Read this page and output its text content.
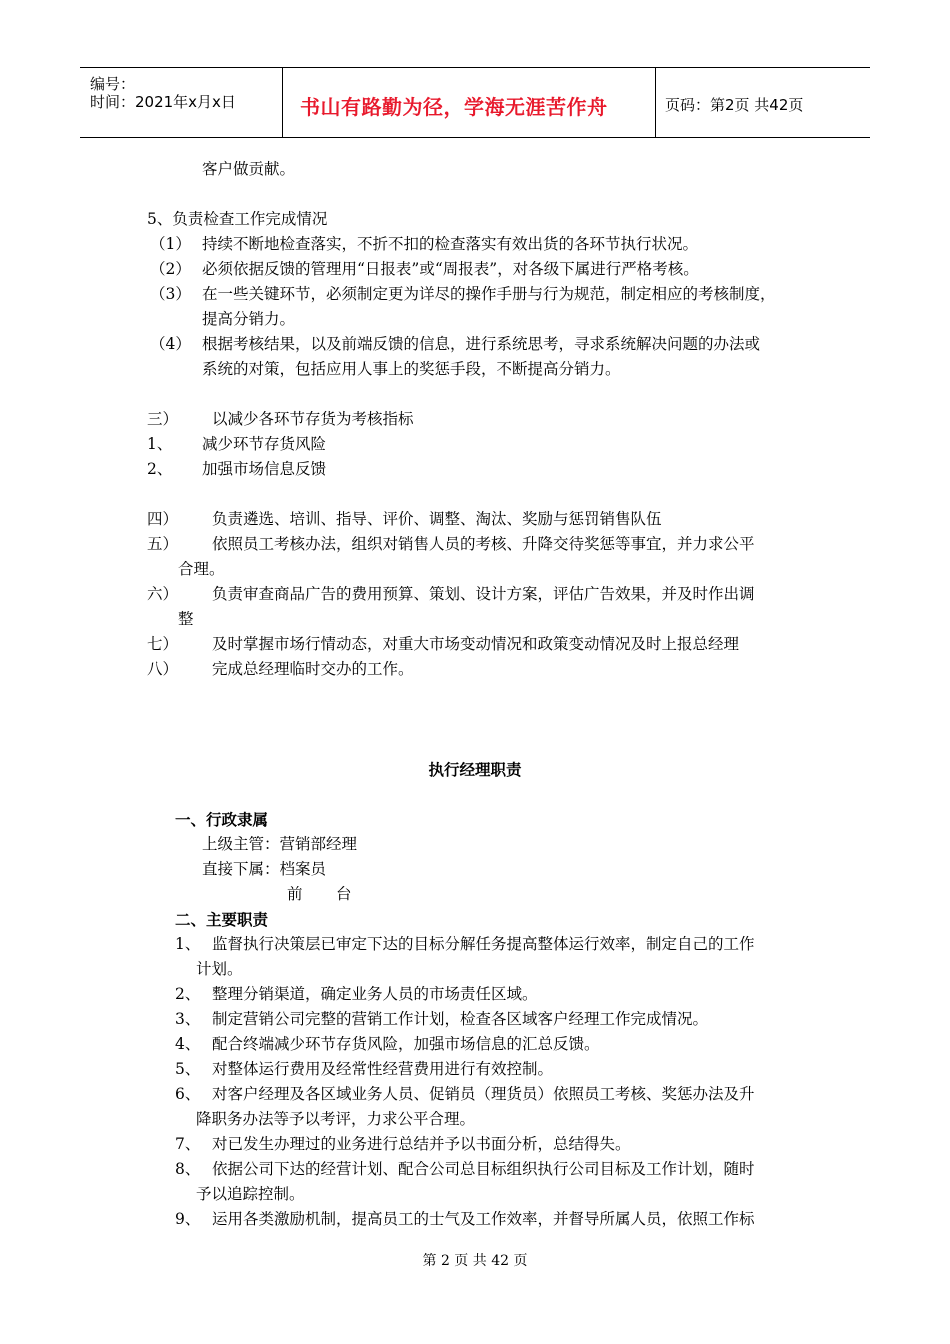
编号：
时间：2021年x月x日	书山有路勤为径，学海无涯苦作舟	页码：第2页 共42页
客户做贡献。
5、负责检查工作完成情况
（1） 持续不断地检查落实，不折不扣的检查落实有效出货的各环节执行状况。
（2） 必须依据反馈的管理用“日报表”或“周报表”，对各级下属进行严格考核。
（3） 在一些关键环节，必须制定更为详尽的操作手册与行为规范，制定相应的考核制度，
提高分销力。
（4） 根据考核结果，以及前端反馈的信息，进行系统思考，寻求系统解决问题的办法或
系统的对策，包括应用人事上的奖惩手段，不断提高分销力。
三） 以减少各环节存货为考核指标
1、 减少环节存货风险
2、 加强市场信息反馈
四） 负责遴选、培训、指导、评价、调整、淘汰、奖励与惩罚销售队伍
五） 依照员工考核办法，组织对销售人员的考核、升降交待奖惩等事宜，并力求公平
合理。
六） 负责审查商品广告的费用预算、策划、设计方案，评估广告效果，并及时作出调
整
七） 及时掌握市场行情动态，对重大市场变动情况和政策变动情况及时上报总经理
八） 完成总经理临时交办的工作。
执行经理职责
一、行政隶属
上级主管：营销部经理
直接下属：档案员
前 台
二、主要职责
1、 监督执行决策层已审定下达的目标分解任务提高整体运行效率，制定自己的工作
计划。
2、 整理分销渠道，确定业务人员的市场责任区域。
3、 制定营销公司完整的营销工作计划，检查各区域客户经理工作完成情况。
4、 配合终端减少环节存货风险，加强市场信息的汇总反馈。
5、 对整体运行费用及经常性经营费用进行有效控制。
6、 对客户经理及各区域业务人员、促销员（理货员）依照员工考核、奖惩办法及升
降职务办法等予以考评，力求公平合理。
7、 对已发生办理过的业务进行总结并予以书面分析，总结得失。
8、 依据公司下达的经营计划、配合公司总目标组织执行公司目标及工作计划，随时
予以追踪控制。
9、 运用各类激励机制，提高员工的士气及工作效率，并督导所属人员，依照工作标
第 2 页 共 42 页
